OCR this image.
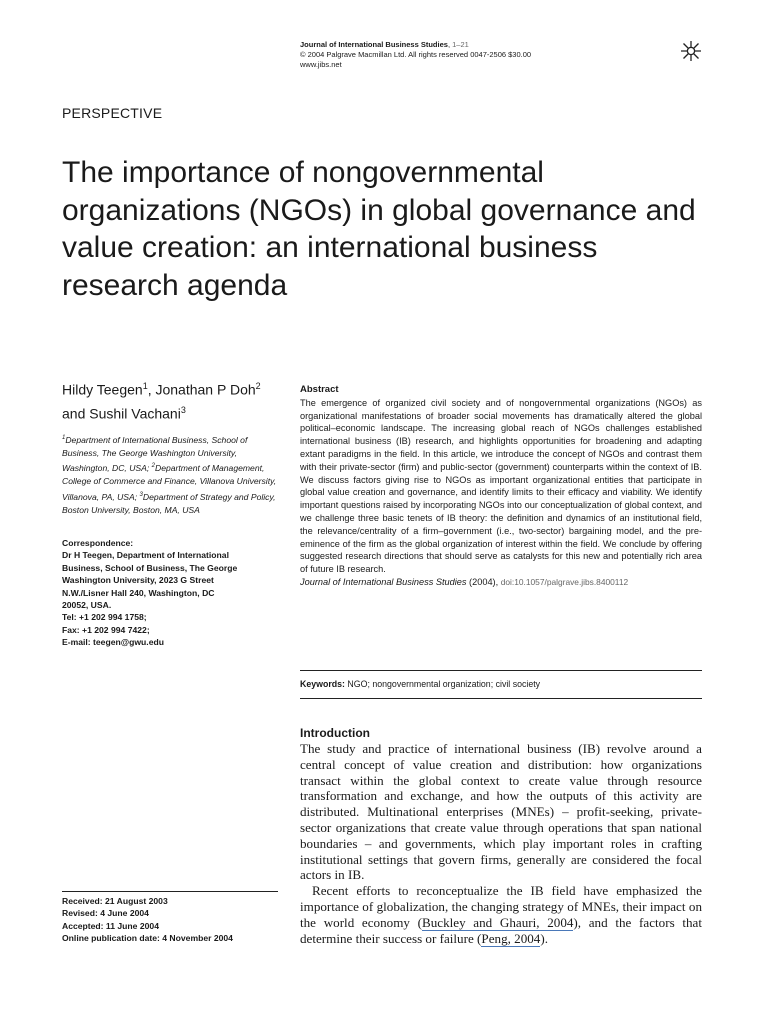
Journal of International Business Studies, 1–21
© 2004 Palgrave Macmillan Ltd. All rights reserved 0047-2506 $30.00
www.jibs.net
PERSPECTIVE
The importance of nongovernmental organizations (NGOs) in global governance and value creation: an international business research agenda
Hildy Teegen$^1$, Jonathan P Doh$^2$ and Sushil Vachani$^3$

$^1$Department of International Business, School of Business, The George Washington University, Washington, DC, USA; $^2$Department of Management, College of Commerce and Finance, Villanova University, Villanova, PA, USA; $^3$Department of Strategy and Policy, Boston University, Boston, MA, USA

Correspondence:
Dr H Teegen, Department of International
Business, School of Business, The George
Washington University, 2023 G Street
N.W./Lisner Hall 240, Washington, DC
20052, USA.
Tel: +1 202 994 1758;
Fax: +1 202 994 7422;
E-mail: teegen@gwu.edu
Abstract

The emergence of organized civil society and of nongovernmental organizations (NGOs) as organizational manifestations of broader social movements has dramatically altered the global political–economic landscape. The increasing global reach of NGOs challenges established international business (IB) research, and highlights opportunities for broadening and adapting extant paradigms in the field. In this article, we introduce the concept of NGOs and contrast them with their private-sector (firm) and public-sector (government) counterparts within the context of IB. We discuss factors giving rise to NGOs as important organizational entities that participate in global value creation and governance, and identify limits to their efficacy and viability. We identify important questions raised by incorporating NGOs into our conceptualization of global context, and we challenge three basic tenets of IB theory: the definition and dynamics of an institutional field, the relevance/centrality of a firm–government (i.e., two-sector) bargaining model, and the pre-eminence of the firm as the global organization of interest within the field. We conclude by offering suggested research directions that should serve as catalysts for this new and potentially rich area of future IB research.

Journal of International Business Studies (2004), doi:10.1057/palgrave.jibs.8400112
Keywords: NGO; nongovernmental organization; civil society
Introduction

The study and practice of international business (IB) revolve around a central concept of value creation and distribution: how organizations transact within the global context to create value through resource transformation and exchange, and how the outputs of this activity are distributed. Multinational enterprises (MNEs) – profit-seeking, private-sector organizations that create value through operations that span national boundaries – and governments, which play important roles in crafting institutional settings that govern firms, generally are considered the focal actors in IB.

Recent efforts to reconceptualize the IB field have emphasized the importance of globalization, the changing strategy of MNEs, their impact on the world economy (Buckley and Ghauri, 2004), and the factors that determine their success or failure (Peng, 2004).

Received: 21 August 2003
Revised: 4 June 2004
Accepted: 11 June 2004
Online publication date: 4 November 2004
